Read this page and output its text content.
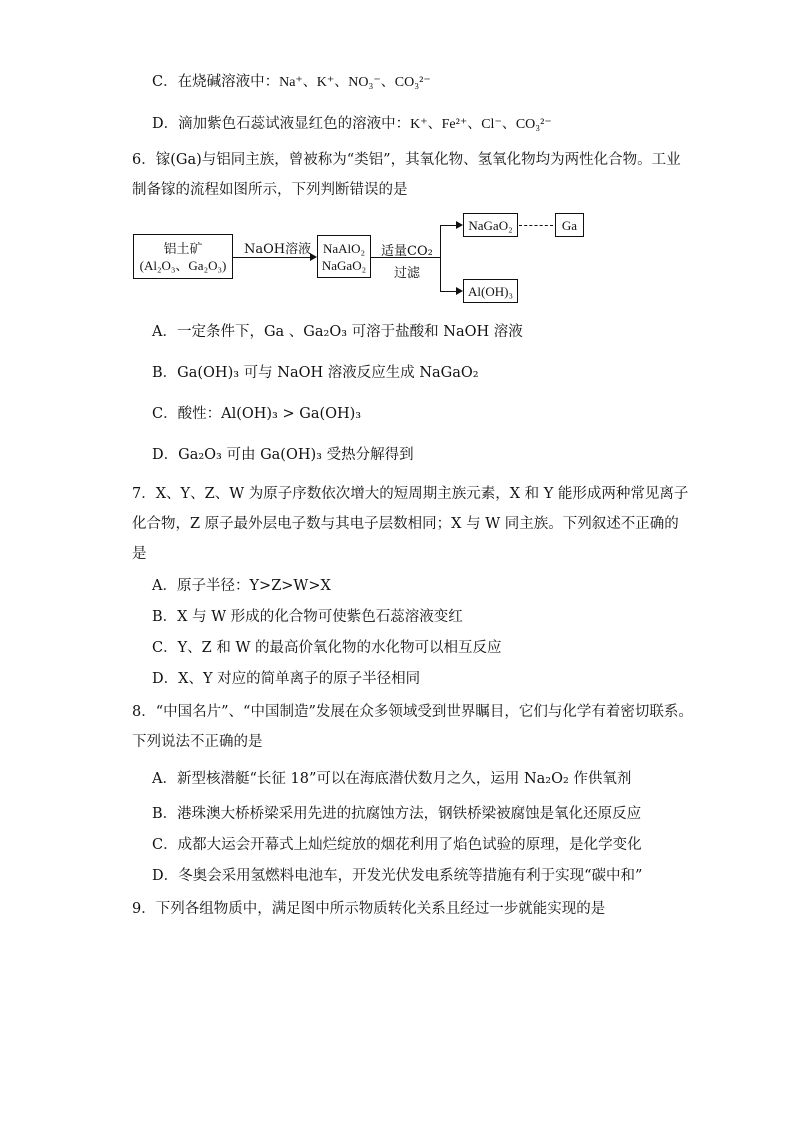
C．在烧碱溶液中：Na⁺、K⁺、NO₃⁻、CO₃²⁻
D．滴加紫色石蕊试液显红色的溶液中：K⁺、Fe²⁺、Cl⁻、CO₃²⁻
6．镓(Ga)与铝同主族，曾被称为“类铝”，其氧化物、氢氧化物均为两性化合物。工业
制备镓的流程如图所示，下列判断错误的是
铝土矿
(Al₂O₃、Ga₂O₃)
NaOH溶液 NaAlO₂
NaGaO₂
适量CO₂
过滤
NaGaO₂	Ga
Al(OH)₃
A．一定条件下，Ga 、Ga₂O₃ 可溶于盐酸和 NaOH 溶液
B．Ga(OH)₃ 可与 NaOH 溶液反应生成 NaGaO₂
C．酸性：Al(OH)₃ > Ga(OH)₃
D．Ga₂O₃ 可由 Ga(OH)₃ 受热分解得到
7．X、Y、Z、W 为原子序数依次增大的短周期主族元素，X 和 Y 能形成两种常见离子
化合物，Z 原子最外层电子数与其电子层数相同；X 与 W 同主族。下列叙述不正确的
是
A．原子半径：Y>Z>W>X
B．X 与 W 形成的化合物可使紫色石蕊溶液变红
C．Y、Z 和 W 的最高价氧化物的水化物可以相互反应
D．X、Y 对应的简单离子的原子半径相同
8．“中国名片”、“中国制造”发展在众多领域受到世界瞩目，它们与化学有着密切联系。
下列说法不正确的是
A．新型核潜艇“长征 18”可以在海底潜伏数月之久，运用 Na₂O₂ 作供氧剂
B．港珠澳大桥桥梁采用先进的抗腐蚀方法，钢铁桥梁被腐蚀是氧化还原反应
C．成都大运会开幕式上灿烂绽放的烟花利用了焰色试验的原理，是化学变化
D．冬奥会采用氢燃料电池车，开发光伏发电系统等措施有利于实现“碳中和”
9．下列各组物质中，满足图中所示物质转化关系且经过一步就能实现的是
